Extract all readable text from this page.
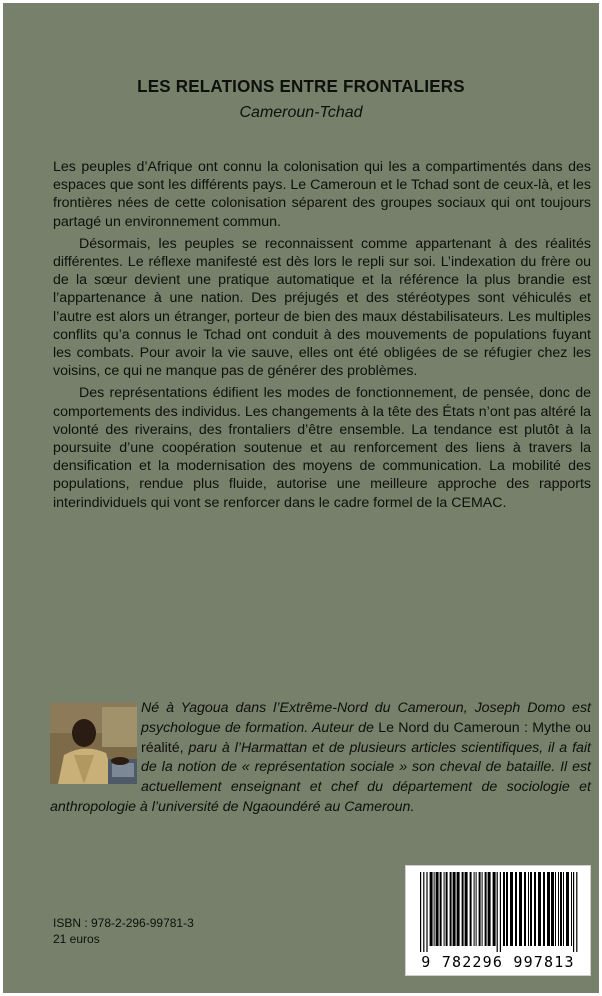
LES RELATIONS ENTRE FRONTALIERS
Cameroun-Tchad

Les peuples d’Afrique ont connu la colonisation qui les a compartimentés dans des espaces que sont les différents pays. Le Cameroun et le Tchad sont de ceux-là, et les frontières nées de cette colonisation séparent des groupes sociaux qui ont toujours partagé un environnement commun.

Désormais, les peuples se reconnaissent comme appartenant à des réalités différentes. Le réflexe manifesté est dès lors le repli sur soi. L’indexation du frère ou de la sœur devient une pratique automatique et la référence la plus brandie est l’appartenance à une nation. Des préjugés et des stéréotypes sont véhiculés et l’autre est alors un étranger, porteur de bien des maux déstabilisateurs. Les multiples conflits qu’a connus le Tchad ont conduit à des mouvements de populations fuyant les combats. Pour avoir la vie sauve, elles ont été obligées de se réfugier chez les voisins, ce qui ne manque pas de générer des problèmes.

Des représentations édifient les modes de fonctionnement, de pensée, donc de comportements des individus. Les changements à la tête des États n’ont pas altéré la volonté des riverains, des frontaliers d’être ensemble. La tendance est plutôt à la poursuite d’une coopération soutenue et au renforcement des liens à travers la densification et la modernisation des moyens de communication. La mobilité des populations, rendue plus fluide, autorise une meilleure approche des rapports interindividuels qui vont se renforcer dans le cadre formel de la CEMAC.

Né à Yagoua dans l’Extrême-Nord du Cameroun, Joseph Domo est psychologue de formation. Auteur de Le Nord du Cameroun : Mythe ou réalité, paru à l’Harmattan et de plusieurs articles scientifiques, il a fait de la notion de « représentation sociale » son cheval de bataille. Il est actuellement enseignant et chef du département de sociologie et anthropologie à l’université de Ngaoundéré au Cameroun.
ISBN : 978-2-296-99781-3
21 euros
9 782296 997813
